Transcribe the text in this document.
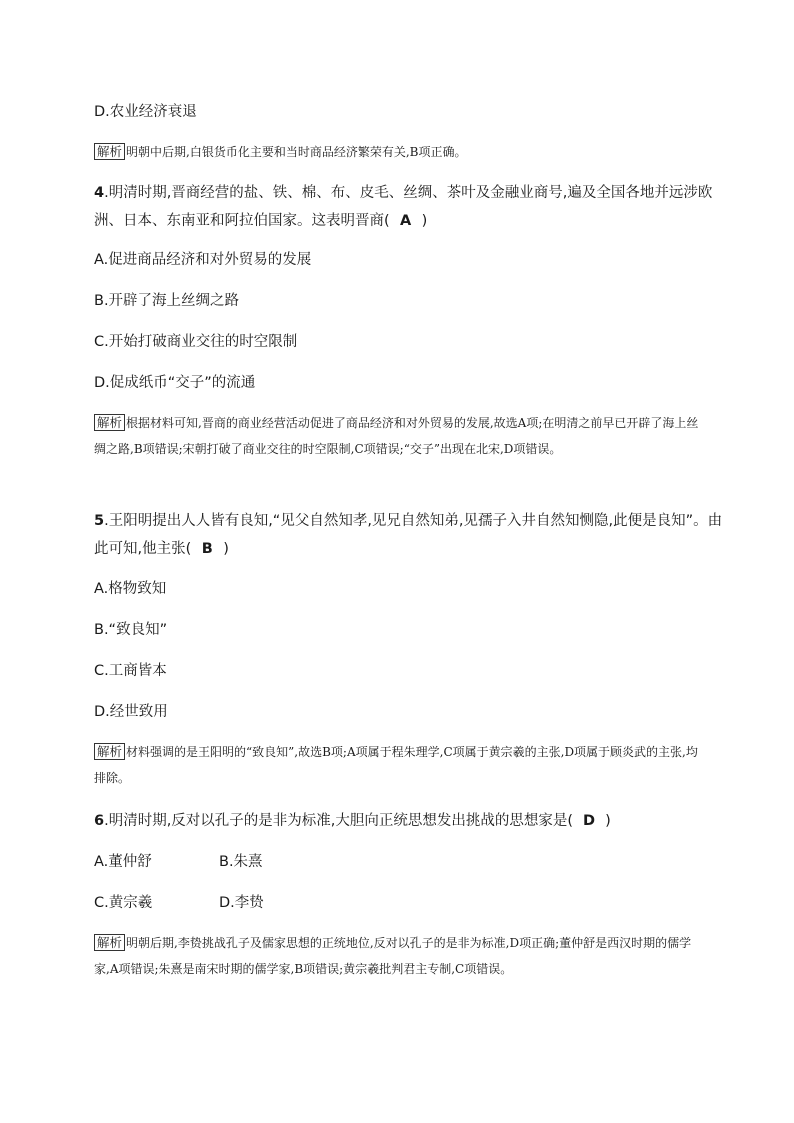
D.农业经济衰退
解析 明朝中后期,白银货币化主要和当时商品经济繁荣有关,B项正确。
4.明清时期,晋商经营的盐、铁、棉、布、皮毛、丝绸、茶叶及金融业商号,遍及全国各地并远涉欧
洲、日本、东南亚和阿拉伯国家。这表明晋商( A )
A.促进商品经济和对外贸易的发展
B.开辟了海上丝绸之路
C.开始打破商业交往的时空限制
D.促成纸币“交子”的流通
解析 根据材料可知,晋商的商业经营活动促进了商品经济和对外贸易的发展,故选A项;在明清之前早已开辟了海上丝绸之路,B项错误;宋朝打破了商业交往的时空限制,C项错误;“交子”出现在北宋,D项错误。
5.王阳明提出人人皆有良知,“见父自然知孝,见兄自然知弟,见孺子入井自然知恻隐,此便是良知”。由
此可知,他主张( B )
A.格物致知
B.“致良知”
C.工商皆本
D.经世致用
解析 材料强调的是王阳明的“致良知”,故选B项;A项属于程朱理学,C项属于黄宗羲的主张,D项属于顾炎武的主张,均排除。
6.明清时期,反对以孔子的是非为标准,大胆向正统思想发出挑战的思想家是( D )
A.董仲舒	B.朱熹
C.黄宗羲	D.李贽
解析 明朝后期,李贽挑战孔子及儒家思想的正统地位,反对以孔子的是非为标准,D项正确;董仲舒是西汉时期的儒学家,A项错误;朱熹是南宋时期的儒学家,B项错误;黄宗羲批判君主专制,C项错误。
